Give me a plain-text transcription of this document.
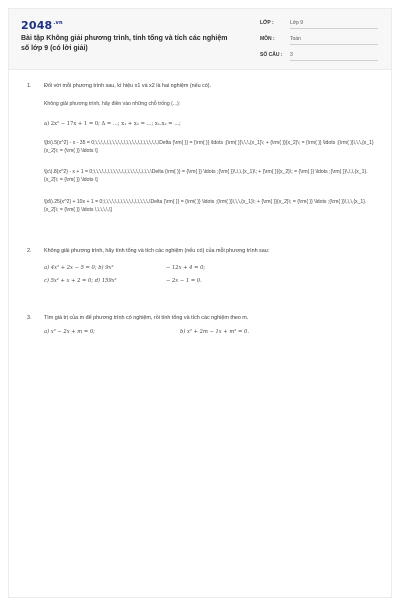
$2048^{.vn}$
Bài tập Không giải phương trình, tính tổng và tích các nghiệm số lớp 9 (có lời giải)
LỚP :	Lớp 9
MÔN :	Toán
SỐ CÂU : 3
1. Đối với mỗi phương trình sau, kí hiệu x1 và x2 là hai nghiệm (nếu có).
Không giải phương trình, hãy điền vào những chỗ trống (...):
a) 2x² − 17x + 1 = 0; Δ = ...; x₁ + x₂ = ...; x₁.x₂ = ...;
\[b\).5{x^2} - x - 35 = 0;\,\,\,\,\,\,\,\,\,\,\,\,\,\,\,\,\,\,\,\,\,\,\Delta {\rm{ }} = {\rm{ }} \ldots ;{\rm{ }}\,\,\,{x_1}\; + {\rm{ }}{x_2}\; = {\rm{ }} \ldots ;{\rm{ }}\,\,\,{x_1} {x_2}\; = {\rm{ }} \ldots \]
\[c\).8{x^2} - x + 1 = 0;\,\,\,\,\,\,\,\,\,\,\,\,\,\,\,\,\,\,\,\,\Delta {\rm{ }} = {\rm{ }} \ldots ;{\rm{ }}\,\,\,{x_1}\; + {\rm{ }}{x_2}\; = {\rm{ }} \ldots ;{\rm{ }}\,\,\,{x_1}.{x_2}\; = {\rm{ }} \ldots \]
\[d\).25{x^2} + 10x + 1 = 0;\,\,\,\,\,\,\,\,\,\,\,\,\,\,\,\,\Delta {\rm{ }} = {\rm{ }} \ldots ;{\rm{ }}\,\,\,{x_1}\; + {\rm{ }}{x_2}\; = {\rm{ }} \ldots ;{\rm{ }}\,\,\,{x_1}.{x_2}\; = {\rm{ }} \ldots \,\,\,\,\,\]
2. Không giải phương trình, hãy tính tổng và tích các nghiệm (nếu có) của mỗi phương trình sau:
a) 4x² + 2x − 5 = 0; b) 9x²	− 12x + 4 = 0;
c) 5x² + x + 2 = 0; d) 159x²	− 2x − 1 = 0.
3. Tìm giá trị của m để phương trình có nghiệm, rồi tính tổng và tích các nghiệm theo m.
a) x² − 2x + m = 0;	b) x² + 2m − 1x + m² = 0.
